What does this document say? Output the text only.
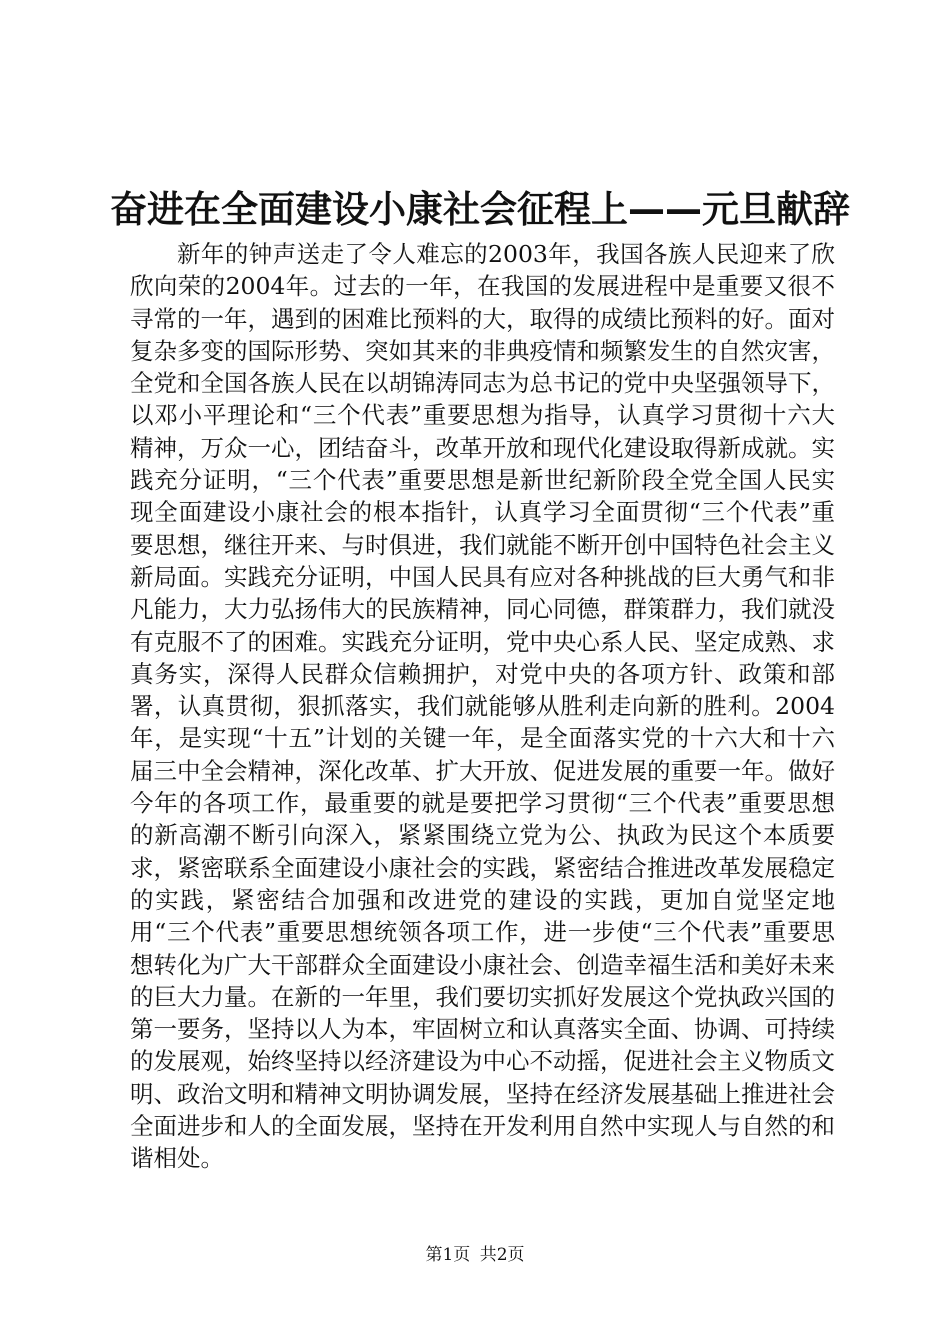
奋进在全面建设小康社会征程上——元旦献辞

新年的钟声送走了令人难忘的2003年，我国各族人民迎来了欣欣向荣的2004年。过去的一年，在我国的发展进程中是重要又很不寻常的一年，遇到的困难比预料的大，取得的成绩比预料的好。面对复杂多变的国际形势、突如其来的非典疫情和频繁发生的自然灾害，全党和全国各族人民在以胡锦涛同志为总书记的党中央坚强领导下，以邓小平理论和“三个代表”重要思想为指导，认真学习贯彻十六大精神，万众一心，团结奋斗，改革开放和现代化建设取得新成就。实践充分证明，“三个代表”重要思想是新世纪新阶段全党全国人民实现全面建设小康社会的根本指针，认真学习全面贯彻“三个代表”重要思想，继往开来、与时俱进，我们就能不断开创中国特色社会主义新局面。实践充分证明，中国人民具有应对各种挑战的巨大勇气和非凡能力，大力弘扬伟大的民族精神，同心同德，群策群力，我们就没有克服不了的困难。实践充分证明，党中央心系人民、坚定成熟、求真务实，深得人民群众信赖拥护，对党中央的各项方针、政策和部署，认真贯彻，狠抓落实，我们就能够从胜利走向新的胜利。2004年，是实现“十五”计划的关键一年，是全面落实党的十六大和十六届三中全会精神，深化改革、扩大开放、促进发展的重要一年。做好今年的各项工作，最重要的就是要把学习贯彻“三个代表”重要思想的新高潮不断引向深入，紧紧围绕立党为公、执政为民这个本质要求，紧密联系全面建设小康社会的实践，紧密结合推进改革发展稳定的实践，紧密结合加强和改进党的建设的实践，更加自觉坚定地用“三个代表”重要思想统领各项工作，进一步使“三个代表”重要思想转化为广大干部群众全面建设小康社会、创造幸福生活和美好未来的巨大力量。在新的一年里，我们要切实抓好发展这个党执政兴国的第一要务，坚持以人为本，牢固树立和认真落实全面、协调、可持续的发展观，始终坚持以经济建设为中心不动摇，促进社会主义物质文明、政治文明和精神文明协调发展，坚持在经济发展基础上推进社会全面进步和人的全面发展，坚持在开发利用自然中实现人与自然的和谐相处。

第1页 共2页
